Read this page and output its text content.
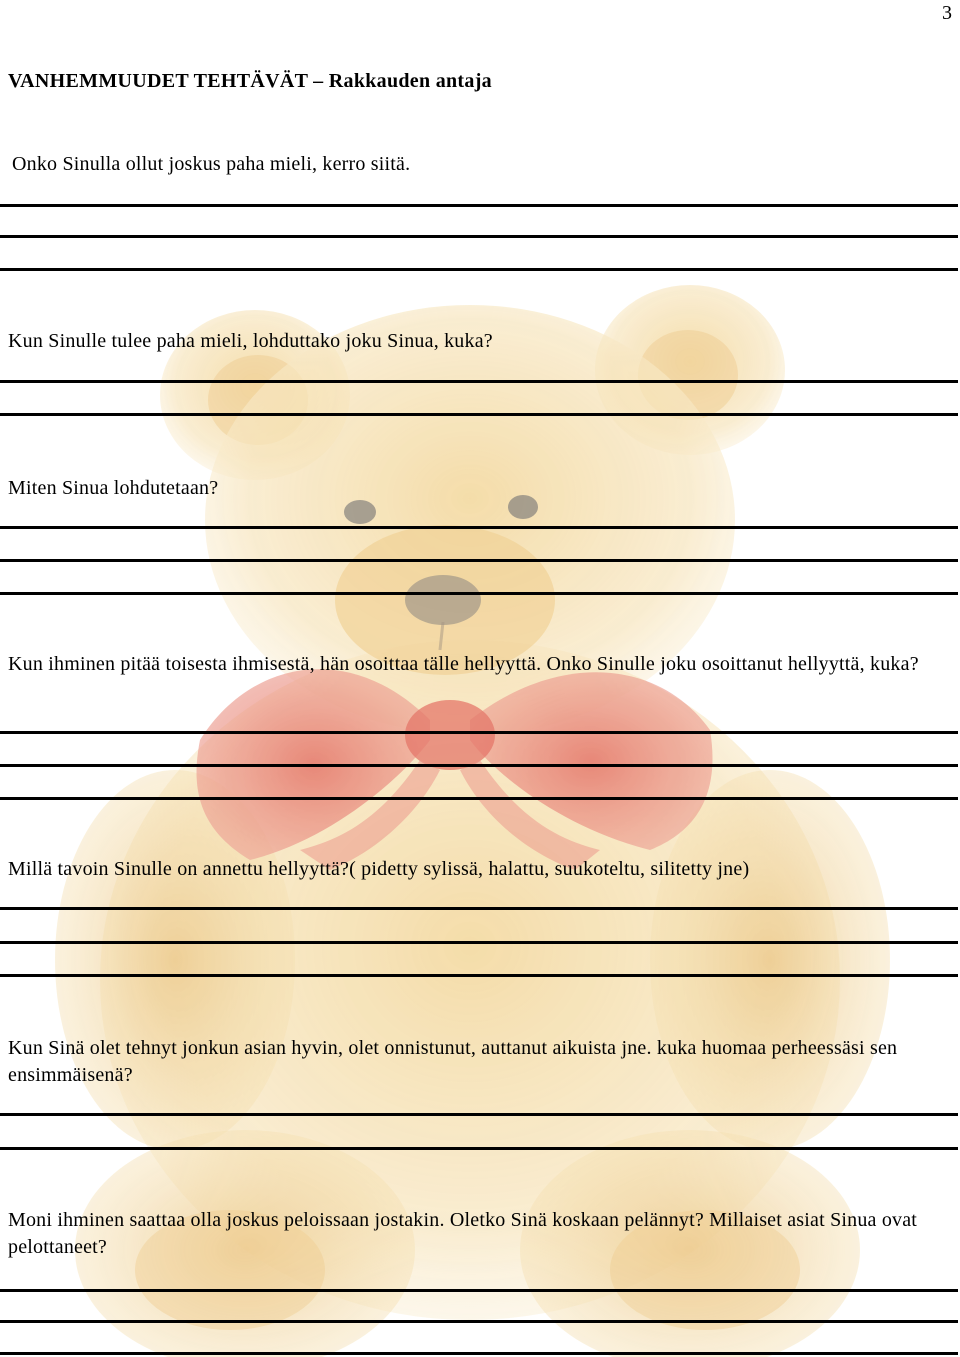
3
VANHEMMUUDET TEHTÄVÄT – Rakkauden antaja
Onko Sinulla ollut joskus paha mieli, kerro siitä.
Kun Sinulle tulee paha mieli, lohduttako joku Sinua, kuka?
Miten Sinua lohdutetaan?
Kun ihminen pitää toisesta ihmisestä, hän osoittaa tälle hellyyttä. Onko Sinulle joku osoittanut hellyyttä, kuka?
Millä tavoin Sinulle on annettu hellyyttä?( pidetty sylissä, halattu, suukoteltu, silitetty jne)
Kun Sinä olet tehnyt jonkun asian hyvin, olet onnistunut, auttanut aikuista jne. kuka huomaa perheessäsi sen ensimmäisenä?
Moni ihminen saattaa olla joskus peloissaan jostakin. Oletko Sinä koskaan pelännyt? Millaiset asiat Sinua ovat pelottaneet?
